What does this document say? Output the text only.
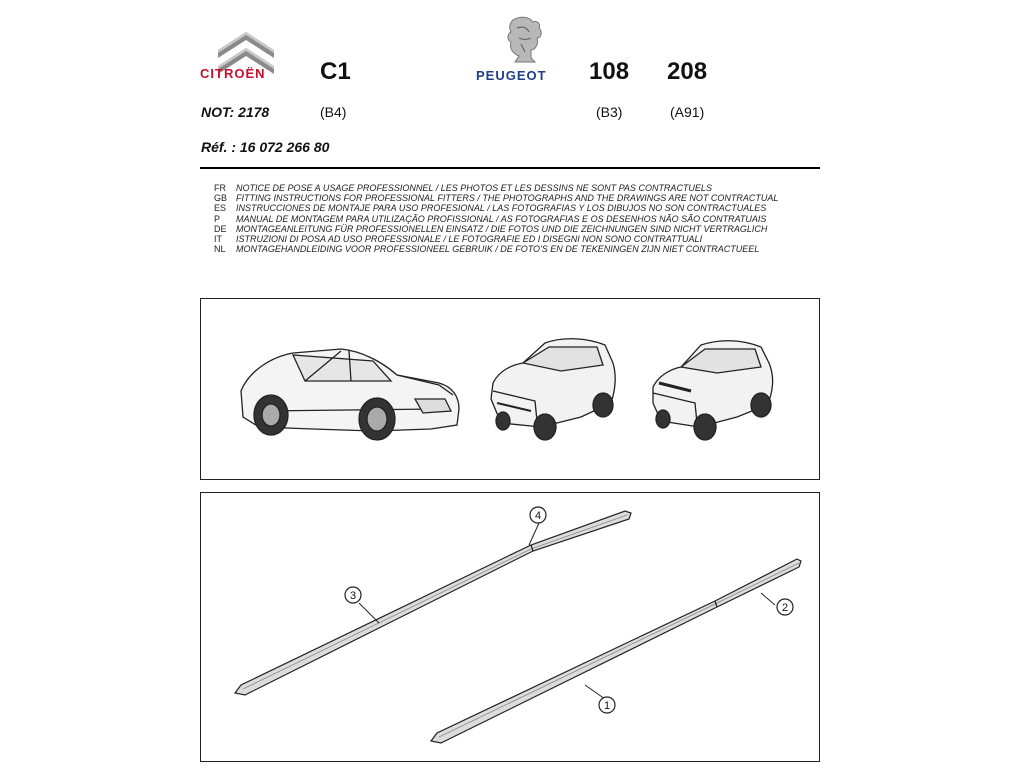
CITROËN C1
(B4)
PEUGEOT 108
(B3)
208
(A91)
NOT: 2178
Réf. : 16 072 266 80
FR	NOTICE DE POSE A USAGE PROFESSIONNEL / LES PHOTOS ET LES DESSINS NE SONT PAS CONTRACTUELS
GB FITTING INSTRUCTIONS FOR PROFESSIONAL FITTERS / THE PHOTOGRAPHS AND THE DRAWINGS ARE NOT CONTRACTUAL
ES	INSTRUCCIONES DE MONTAJE PARA USO PROFESIONAL / LAS FOTOGRAFIAS Y LOS DIBUJOS NO SON CONTRACTUALES
P	MANUAL DE MONTAGEM PARA UTILIZAÇÃO PROFISSIONAL / AS FOTOGRAFIAS E OS DESENHOS NÃO SÃO CONTRATUAIS
DE	MONTAGEANLEITUNG FÜR PROFESSIONELLEN EINSATZ / DIE FOTOS UND DIE ZEICHNUNGEN SIND NICHT VERTRAGLICH
IT	ISTRUZIONI DI POSA AD USO PROFESSIONALE / LE FOTOGRAFIE ED I DISEGNI NON SONO CONTRATTUALI
NL	MONTAGEHANDLEIDING VOOR PROFESSIONEEL GEBRUIK / DE FOTO'S EN DE TEKENINGEN ZIJN NIET CONTRACTUEEL
3
4
2
1
